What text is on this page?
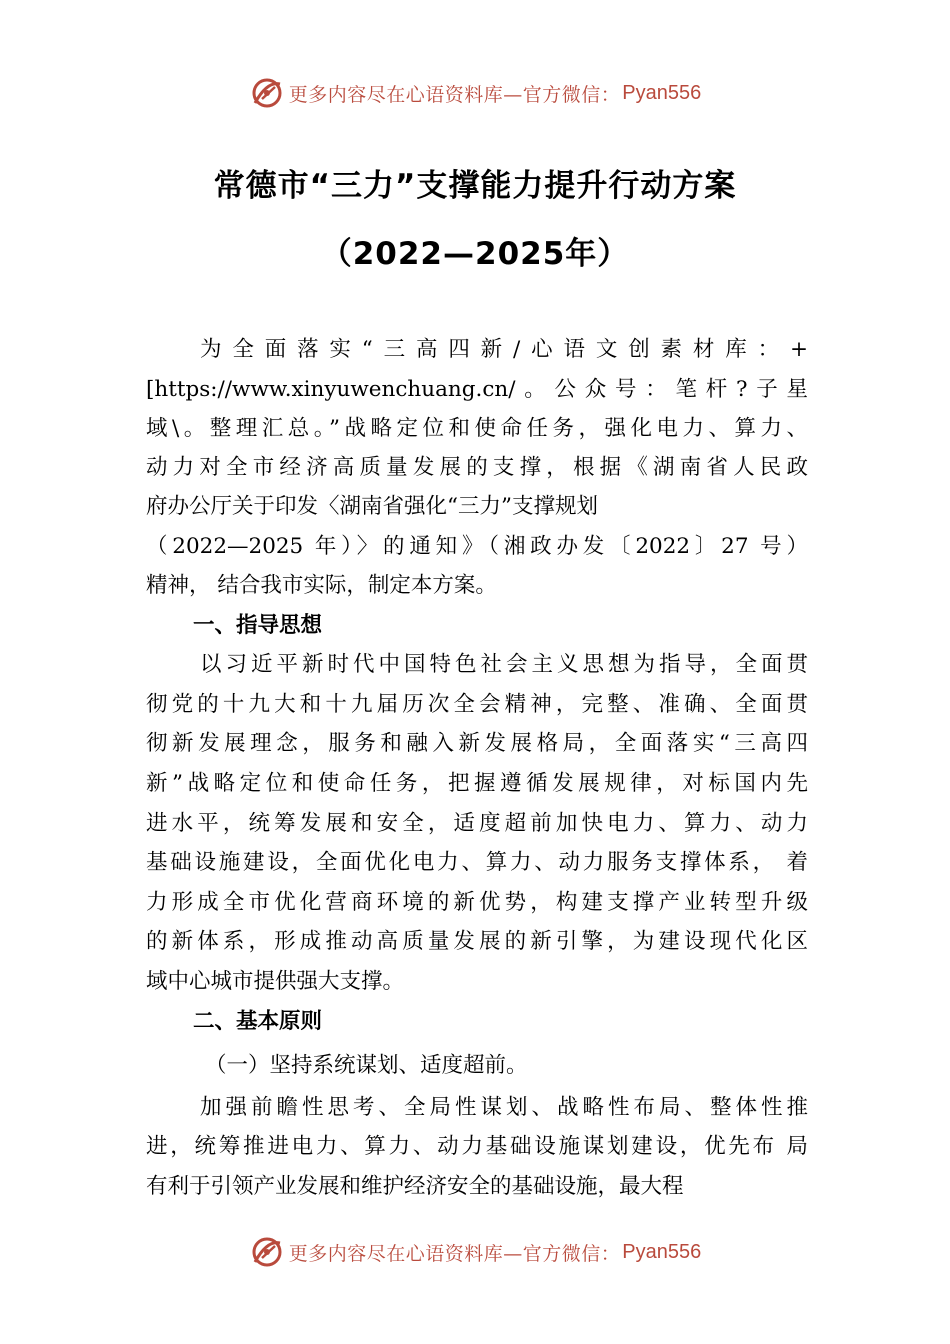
更多内容尽在心语资料库—官方微信： Pyan556
常德市“三力”支撑能力提升行动方案
（2022—2025年）
为全面落实“三高四新/心语文创素材库：+
[https://www.xinyuwenchuang.cn/。公众号：笔杆?子星
域\。整理汇总。”战略定位和使命任务，强化电力、算力、
动力对全市经济高质量发展的支撑，根据《湖南省人民政
府办公厅关于印发〈湖南省强化“三力”支撑规划
（2022—2025 年）〉的通知》（湘政办发〔2022〕27 号）
精神， 结合我市实际，制定本方案。
一、指导思想
以习近平新时代中国特色社会主义思想为指导，全面贯
彻党的十九大和十九届历次全会精神，完整、准确、全面贯
彻新发展理念，服务和融入新发展格局，全面落实“三高四
新”战略定位和使命任务，把握遵循发展规律，对标国内先
进水平，统筹发展和安全，适度超前加快电力、算力、动力
基础设施建设，全面优化电力、算力、动力服务支撑体系， 着
力形成全市优化营商环境的新优势，构建支撑产业转型升级
的新体系，形成推动高质量发展的新引擎，为建设现代化区
域中心城市提供强大支撑。
二、基本原则
（一）坚持系统谋划、适度超前。
加强前瞻性思考、全局性谋划、战略性布局、整体性推
进，统筹推进电力、算力、动力基础设施谋划建设，优先布 局
有利于引领产业发展和维护经济安全的基础设施，最大程
更多内容尽在心语资料库—官方微信： Pyan556
